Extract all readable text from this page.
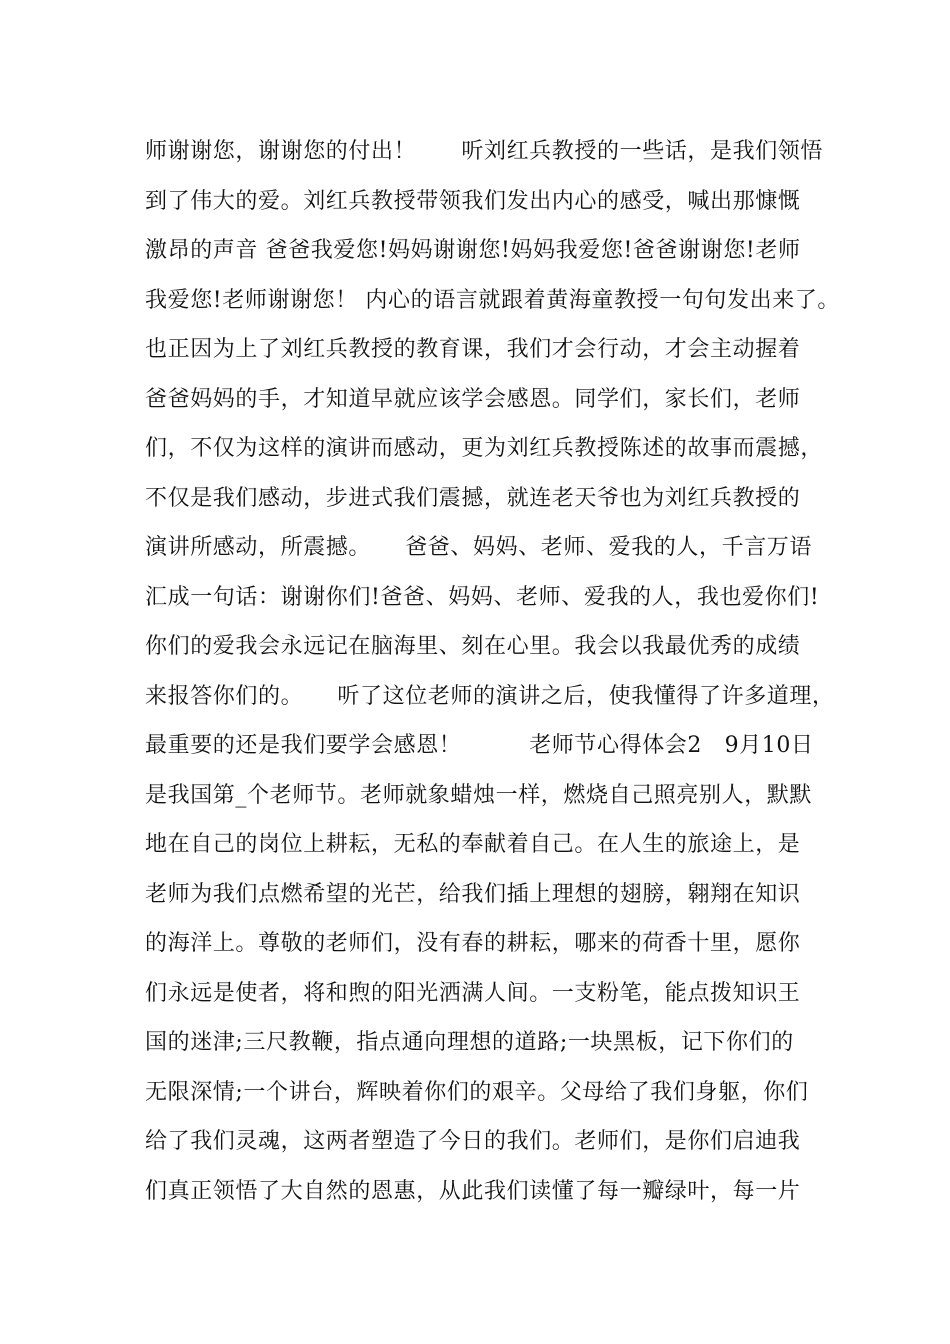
师谢谢您，谢谢您的付出！　　听刘红兵教授的一些话，是我们领悟
到了伟大的爱。刘红兵教授带领我们发出内心的感受，喊出那慷慨
激昂的声音 爸爸我爱您!妈妈谢谢您!妈妈我爱您!爸爸谢谢您!老师
我爱您!老师谢谢您！ 内心的语言就跟着黄海童教授一句句发出来了。
也正因为上了刘红兵教授的教育课，我们才会行动，才会主动握着
爸爸妈妈的手，才知道早就应该学会感恩。同学们，家长们，老师
们，不仅为这样的演讲而感动，更为刘红兵教授陈述的故事而震撼，
不仅是我们感动，步进式我们震撼，就连老天爷也为刘红兵教授的
演讲所感动，所震撼。　　爸爸、妈妈、老师、爱我的人，千言万语
汇成一句话：谢谢你们!爸爸、妈妈、老师、爱我的人，我也爱你们!
你们的爱我会永远记在脑海里、刻在心里。我会以我最优秀的成绩
来报答你们的。　　听了这位老师的演讲之后，使我懂得了许多道理，
最重要的还是我们要学会感恩！　　　老师节心得体会2　9月10日
是我国第_个老师节。老师就象蜡烛一样，燃烧自己照亮别人，默默
地在自己的岗位上耕耘，无私的奉献着自己。在人生的旅途上，是
老师为我们点燃希望的光芒，给我们插上理想的翅膀，翱翔在知识
的海洋上。尊敬的老师们，没有春的耕耘，哪来的荷香十里，愿你
们永远是使者，将和煦的阳光洒满人间。一支粉笔，能点拨知识王
国的迷津;三尺教鞭，指点通向理想的道路;一块黑板，记下你们的
无限深情;一个讲台，辉映着你们的艰辛。父母给了我们身躯，你们
给了我们灵魂，这两者塑造了今日的我们。老师们，是你们启迪我
们真正领悟了大自然的恩惠，从此我们读懂了每一瓣绿叶，每一片
